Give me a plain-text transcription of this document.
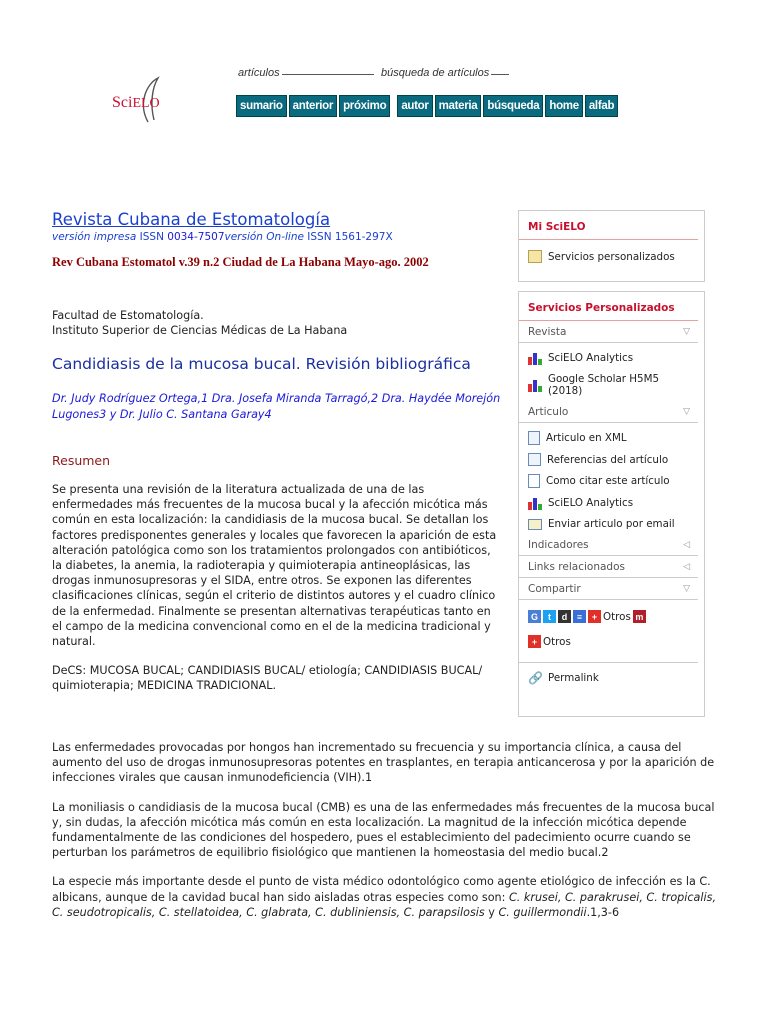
SciELO
artículos	búsqueda de artículos
sumario anterior próximo	autor materia búsqueda home alfab
Revista Cubana de Estomatología
versión impresa ISSN 0034-7507versión On-line ISSN 1561-297X
Rev Cubana Estomatol v.39 n.2 Ciudad de La Habana Mayo-ago. 2002
Facultad de Estomatología.
Instituto Superior de Ciencias Médicas de La Habana
Candidiasis de la mucosa bucal. Revisión bibliográfica
Dr. Judy Rodríguez Ortega,1 Dra. Josefa Miranda Tarragó,2 Dra. Haydée Morejón Lugones3 y Dr. Julio C. Santana Garay4
Resumen
Se presenta una revisión de la literatura actualizada de una de las enfermedades más frecuentes de la mucosa bucal y la afección micótica más común en esta localización: la candidiasis de la mucosa bucal. Se detallan los factores predisponentes generales y locales que favorecen la aparición de esta alteración patológica como son los tratamientos prolongados con antibióticos, la diabetes, la anemia, la radioterapia y quimioterapia antineoplásicas, las drogas inmunosupresoras y el SIDA, entre otros. Se exponen las diferentes clasificaciones clínicas, según el criterio de distintos autores y el cuadro clínico de la enfermedad. Finalmente se presentan alternativas terapéuticas tanto en el campo de la medicina convencional como en el de la medicina tradicional y natural.
DeCS: MUCOSA BUCAL; CANDIDIASIS BUCAL/ etiología; CANDIDIASIS BUCAL/ quimioterapia; MEDICINA TRADICIONAL.
Las enfermedades provocadas por hongos han incrementado su frecuencia y su importancia clínica, a causa del aumento del uso de drogas inmunosupresoras potentes en trasplantes, en terapia anticancerosa y por la aparición de infecciones virales que causan inmunodeficiencia (VIH).1
La moniliasis o candidiasis de la mucosa bucal (CMB) es una de las enfermedades más frecuentes de la mucosa bucal y, sin dudas, la afección micótica más común en esta localización. La magnitud de la infección micótica depende fundamentalmente de las condiciones del hospedero, pues el establecimiento del padecimiento ocurre cuando se perturban los parámetros de equilibrio fisiológico que mantienen la homeostasia del medio bucal.2
La especie más importante desde el punto de vista médico odontológico como agente etiológico de infección es la C. albicans, aunque de la cavidad bucal han sido aisladas otras especies como son: C. krusei, C. parakrusei, C. tropicalis, C. seudotropicalis, C. stellatoidea, C. glabrata, C. dubliniensis, C. parapsilosis y C. guillermondii.1,3-6
Mi SciELO
Servicios personalizados
Servicios Personalizados
Revista	▽
SciELO Analytics
Google Scholar H5M5 (2018)
Articulo	▽
Articulo en XML
Referencias del artículo
Como citar este artículo
SciELO Analytics
Enviar articulo por email
Indicadores	◁
Links relacionados	◁
Compartir	▽
G	t	d	≡	+ Otros m
+ Otros
🔗 Permalink
